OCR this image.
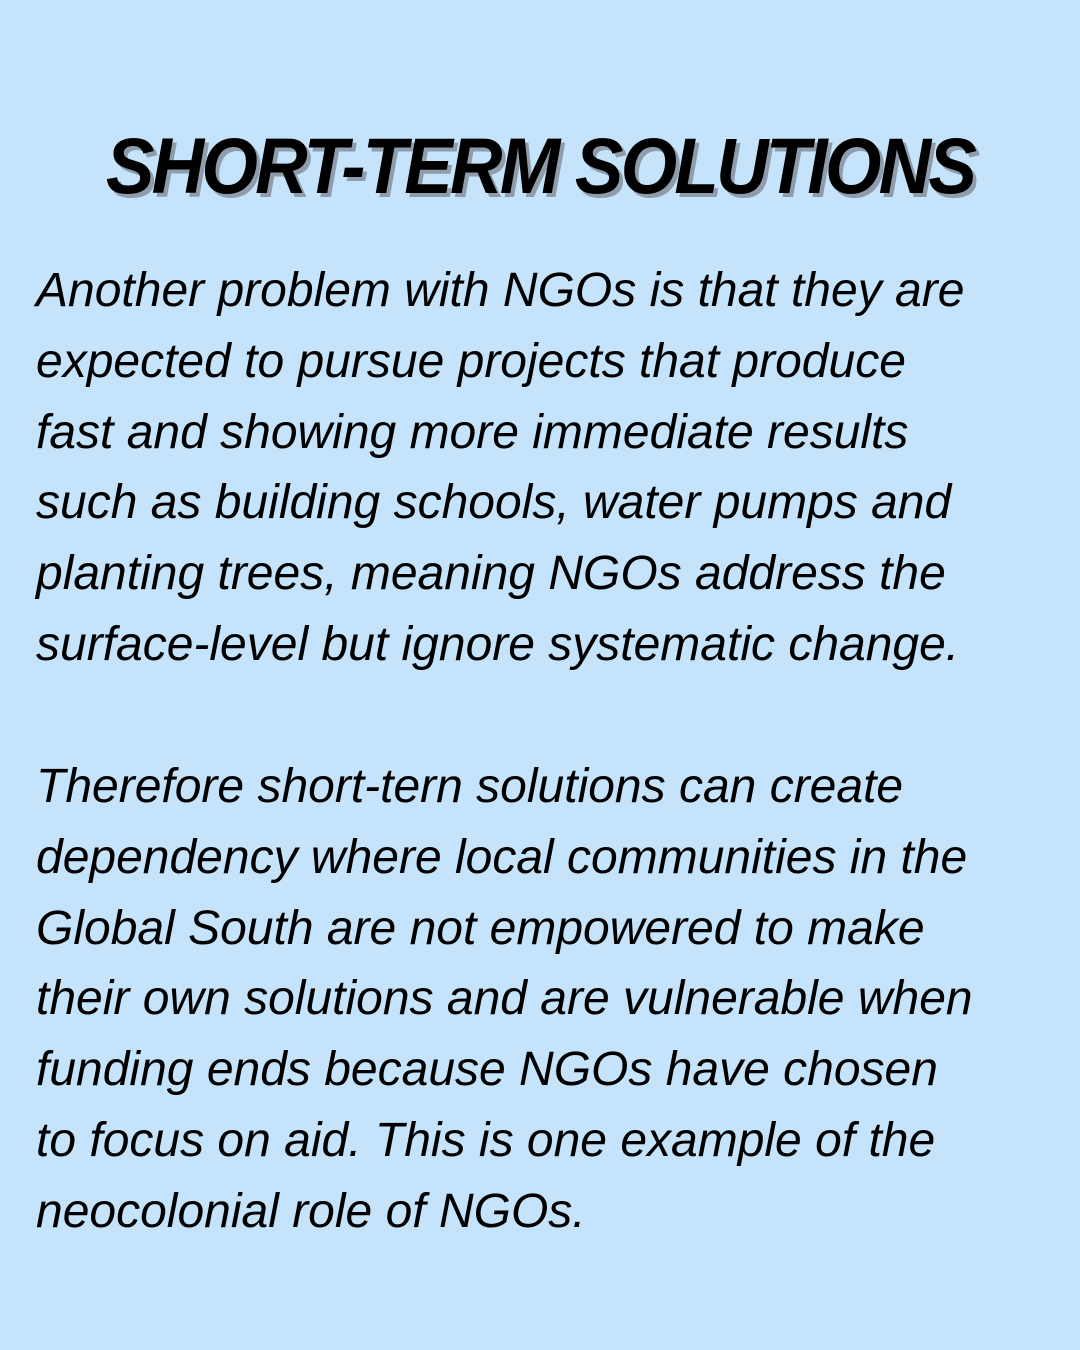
SHORT-TERM SOLUTIONS

Another problem with NGOs is that they are
expected to pursue projects that produce
fast and showing more immediate results
such as building schools, water pumps and
planting trees, meaning NGOs address the
surface-level but ignore systematic change.

Therefore short-tern solutions can create
dependency where local communities in the
Global South are not empowered to make
their own solutions and are vulnerable when
funding ends because NGOs have chosen
to focus on aid. This is one example of the
neocolonial role of NGOs.
